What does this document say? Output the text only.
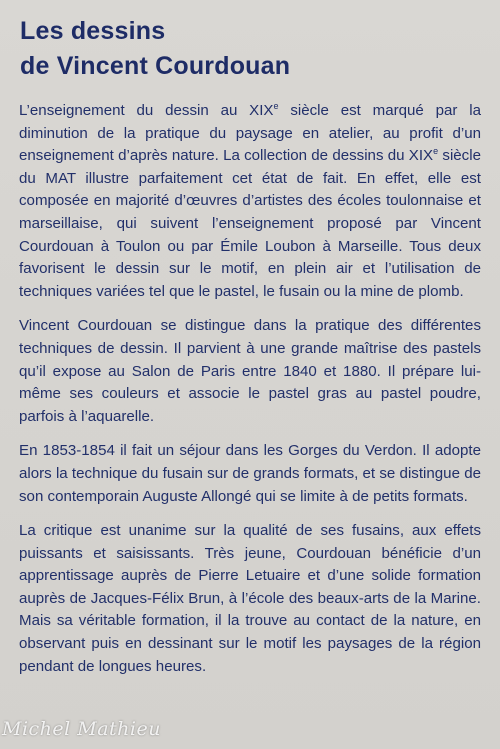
Les dessins
de Vincent Courdouan

L’enseignement du dessin au XIXe siècle est marqué par la diminution de la pratique du paysage en atelier, au profit d’un enseignement d’après nature. La collection de dessins du XIXe siècle du MAT illustre parfaitement cet état de fait. En effet, elle est composée en majorité d’œuvres d’artistes des écoles toulonnaise et marseillaise, qui suivent l’enseignement proposé par Vincent Courdouan à Toulon ou par Émile Loubon à Marseille. Tous deux favorisent le dessin sur le motif, en plein air et l’utilisation de techniques variées tel que le pastel, le fusain ou la mine de plomb.

Vincent Courdouan se distingue dans la pratique des différentes techniques de dessin. Il parvient à une grande maîtrise des pastels qu’il expose au Salon de Paris entre 1840 et 1880. Il prépare lui-même ses couleurs et associe le pastel gras au pastel poudre, parfois à l’aquarelle.

En 1853-1854 il fait un séjour dans les Gorges du Verdon. Il adopte alors la technique du fusain sur de grands formats, et se distingue de son contemporain Auguste Allongé qui se limite à de petits formats.

La critique est unanime sur la qualité de ses fusains, aux effets puissants et saisissants. Très jeune, Courdouan bénéficie d’un apprentissage auprès de Pierre Letuaire et d’une solide formation auprès de Jacques-Félix Brun, à l’école des beaux-arts de la Marine. Mais sa véritable formation, il la trouve au contact de la nature, en observant puis en dessinant sur le motif les paysages de la région pendant de longues heures.

Michel Mathieu
